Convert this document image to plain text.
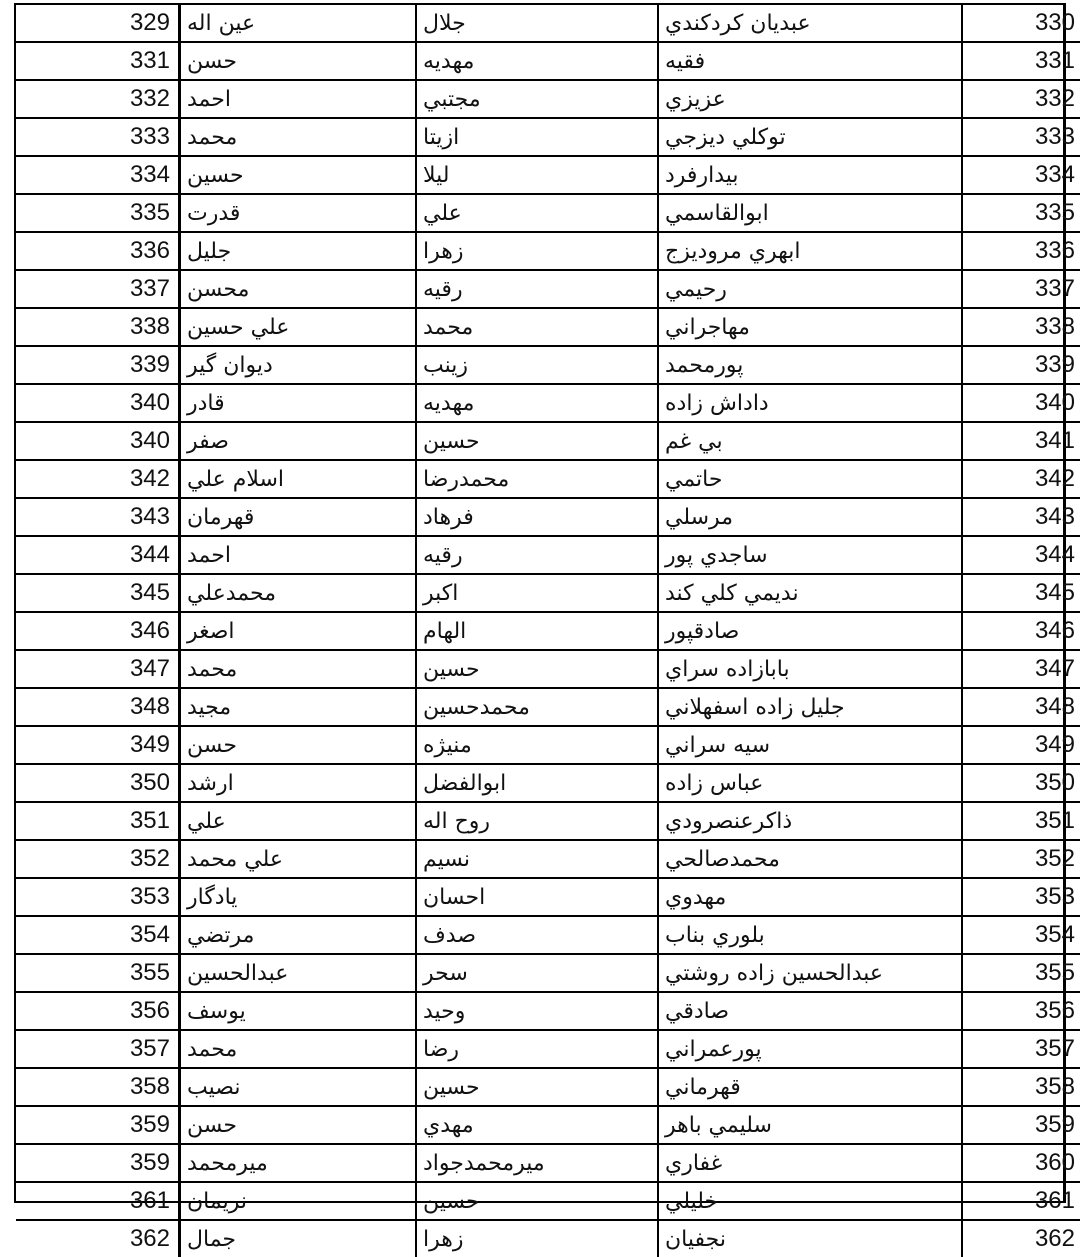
329	عين اله	جلال	عبديان كردكندي	330
331	حسن	مهديه	فقيه	331
332	احمد	مجتبي	عزيزي	332
333	محمد	ازيتا	توكلي ديزجي	333
334	حسين	ليلا	بيدارفرد	334
335	قدرت	علي	ابوالقاسمي	335
336	جليل	زهرا	ابهري مروديزج	336
337	محسن	رقيه	رحيمي	337
338	علي حسين	محمد	مهاجراني	338
339	ديوان گير	زينب	پورمحمد	339
340	قادر	مهديه	داداش زاده	340
340	صفر	حسين	بي غم	341
342	اسلام علي	محمدرضا	حاتمي	342
343	قهرمان	فرهاد	مرسلي	343
344	احمد	رقيه	ساجدي پور	344
345	محمدعلي	اكبر	نديمي كلي كند	345
346	اصغر	الهام	صادقپور	346
347	محمد	حسين	بابازاده سراي	347
348	مجيد	محمدحسين	جليل زاده اسفهلاني	348
349	حسن	منيژه	سيه سراني	349
350	ارشد	ابوالفضل	عباس زاده	350
351	علي	روح اله	ذاكرعنصرودي	351
352	علي محمد	نسيم	محمدصالحي	352
353	يادگار	احسان	مهدوي	353
354	مرتضي	صدف	بلوري بناب	354
355	عبدالحسين	سحر	عبدالحسين زاده روشتي	355
356	يوسف	وحيد	صادقي	356
357	محمد	رضا	پورعمراني	357
358	نصيب	حسين	قهرماني	358
359	حسن	مهدي	سليمي باهر	359
359	ميرمحمد	ميرمحمدجواد	غفاري	360
361	نريمان	حسين	خليلي	361
362	جمال	زهرا	نجفيان	362
